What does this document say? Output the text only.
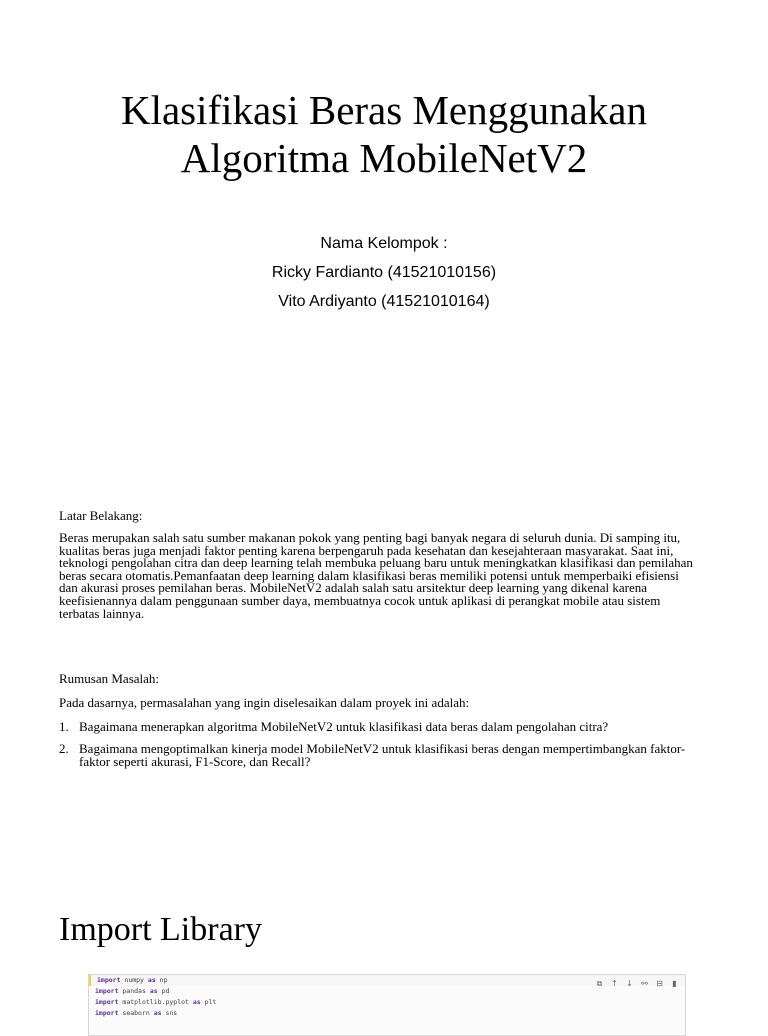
Klasifikasi Beras Menggunakan
Algoritma MobileNetV2
Nama Kelompok :
Ricky Fardianto (41521010156)
Vito Ardiyanto (41521010164)
Latar Belakang:
Beras merupakan salah satu sumber makanan pokok yang penting bagi banyak negara di seluruh dunia. Di samping itu, kualitas beras juga menjadi faktor penting karena berpengaruh pada kesehatan dan kesejahteraan masyarakat. Saat ini, teknologi pengolahan citra dan deep learning telah membuka peluang baru untuk meningkatkan klasifikasi dan pemilahan beras secara otomatis.Pemanfaatan deep learning dalam klasifikasi beras memiliki potensi untuk memperbaiki efisiensi dan akurasi proses pemilahan beras. MobileNetV2 adalah salah satu arsitektur deep learning yang dikenal karena keefisienannya dalam penggunaan sumber daya, membuatnya cocok untuk aplikasi di perangkat mobile atau sistem terbatas lainnya.
Rumusan Masalah:
Pada dasarnya, permasalahan yang ingin diselesaikan dalam proyek ini adalah:
1. Bagaimana menerapkan algoritma MobileNetV2 untuk klasifikasi data beras dalam pengolahan citra?
2. Bagaimana mengoptimalkan kinerja model MobileNetV2 untuk klasifikasi beras dengan mempertimbangkan faktor-faktor seperti akurasi, F1-Score, dan Recall?
Import Library
⧉ ↑ ↓ ⚯ ⊟ ▮
import numpy as np
import pandas as pd
import matplotlib.pyplot as plt
import seaborn as sns
